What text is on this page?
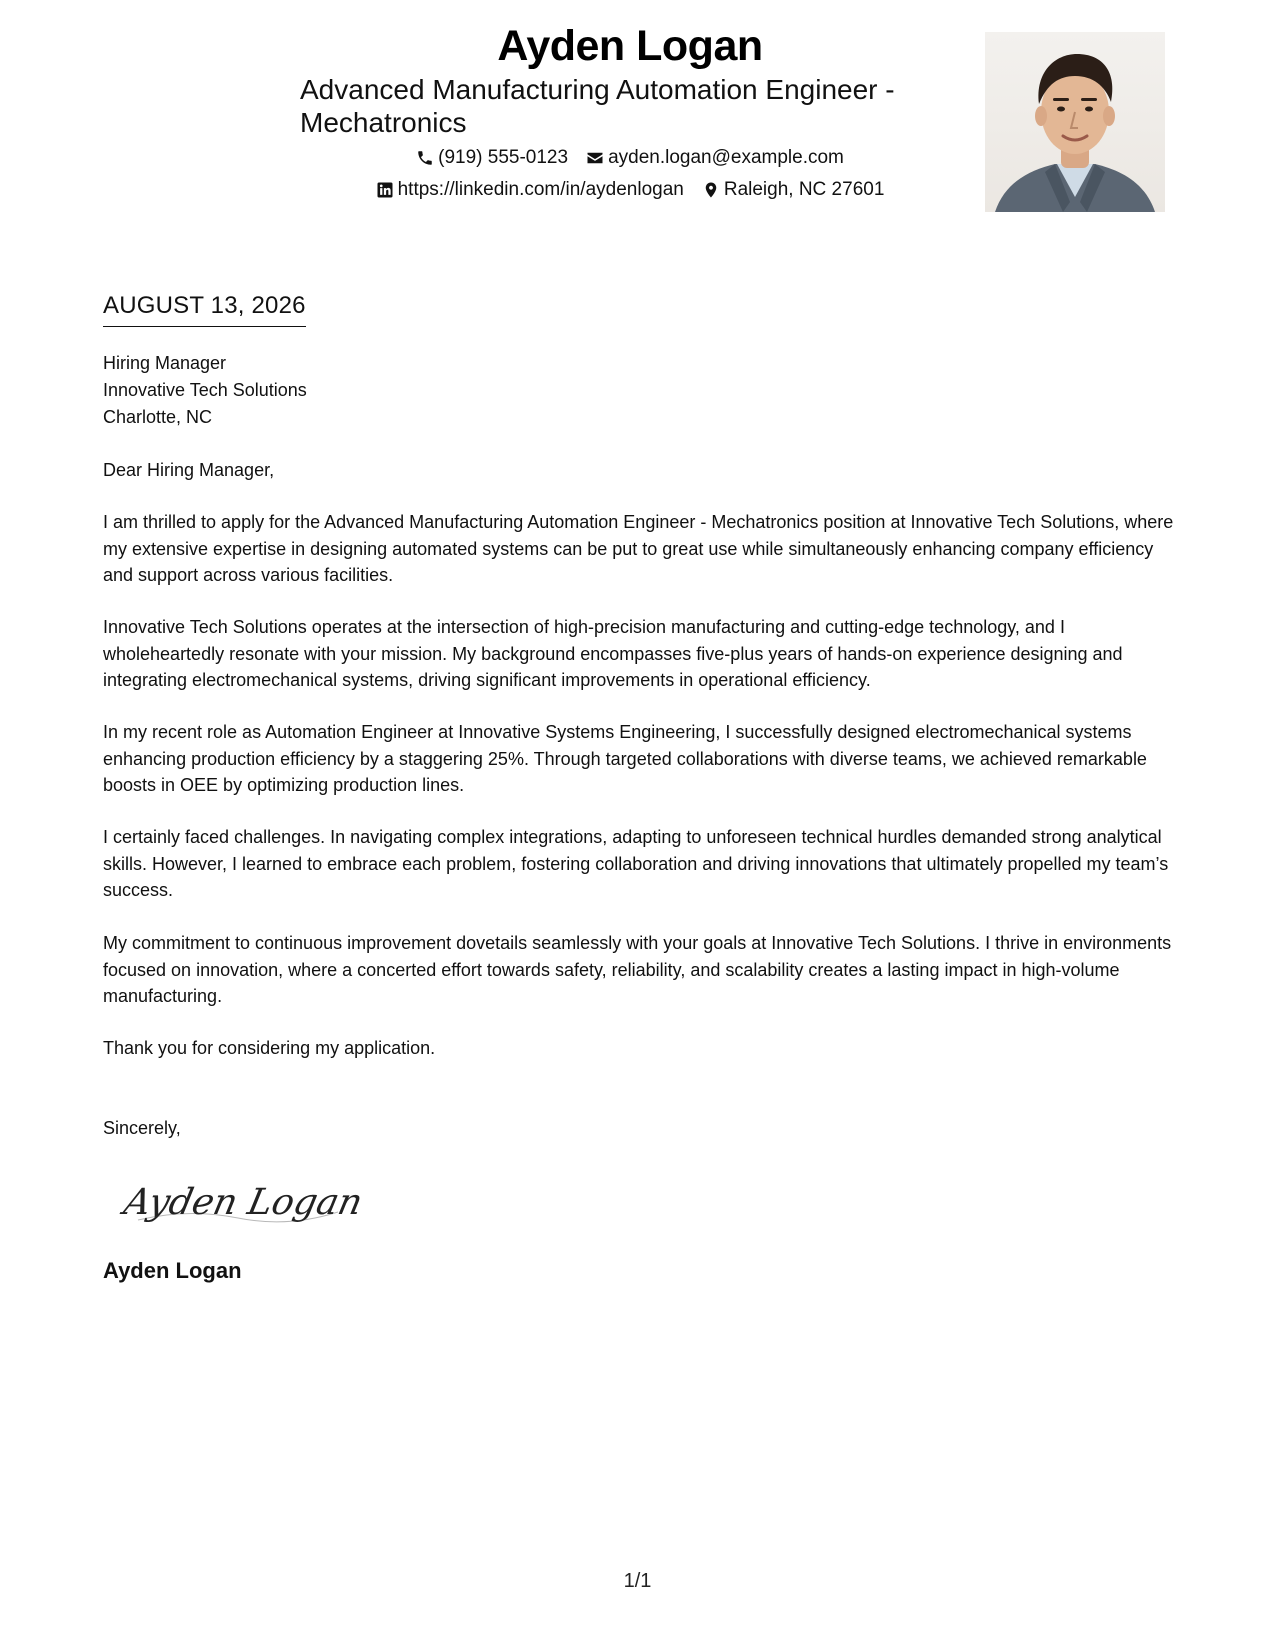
Ayden Logan
Advanced Manufacturing Automation Engineer - Mechatronics
(919) 555-0123 ayden.logan@example.com
https://linkedin.com/in/aydenlogan Raleigh, NC 27601
AUGUST 13, 2026
Hiring Manager
Innovative Tech Solutions
Charlotte, NC
Dear Hiring Manager,
I am thrilled to apply for the Advanced Manufacturing Automation Engineer - Mechatronics position at Innovative Tech Solutions, where my extensive expertise in designing automated systems can be put to great use while simultaneously enhancing company efficiency and support across various facilities.
Innovative Tech Solutions operates at the intersection of high-precision manufacturing and cutting-edge technology, and I wholeheartedly resonate with your mission. My background encompasses five-plus years of hands-on experience designing and integrating electromechanical systems, driving significant improvements in operational efficiency.
In my recent role as Automation Engineer at Innovative Systems Engineering, I successfully designed electromechanical systems enhancing production efficiency by a staggering 25%. Through targeted collaborations with diverse teams, we achieved remarkable boosts in OEE by optimizing production lines.
I certainly faced challenges. In navigating complex integrations, adapting to unforeseen technical hurdles demanded strong analytical skills. However, I learned to embrace each problem, fostering collaboration and driving innovations that ultimately propelled my team’s success.
My commitment to continuous improvement dovetails seamlessly with your goals at Innovative Tech Solutions. I thrive in environments focused on innovation, where a concerted effort towards safety, reliability, and scalability creates a lasting impact in high-volume manufacturing.
Thank you for considering my application.
Sincerely,
Ayden Logan
Ayden Logan
1/1
